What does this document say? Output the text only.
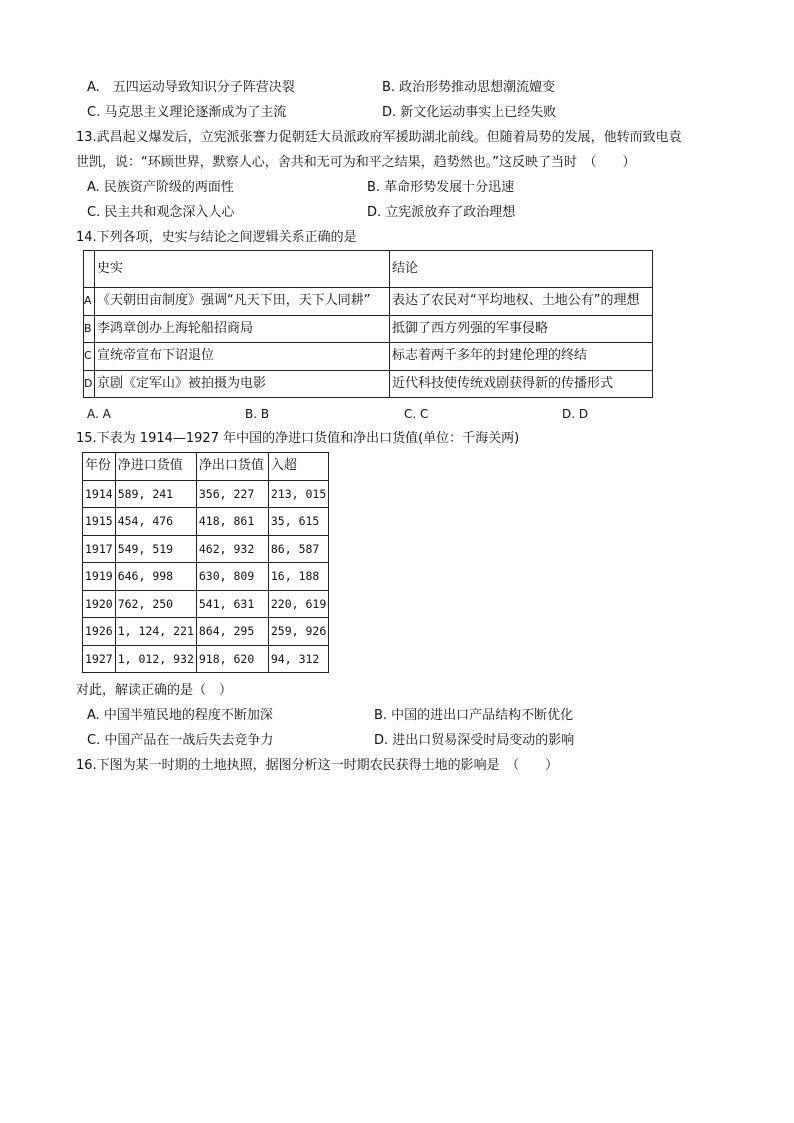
A.　五四运动导致知识分子阵营决裂	B. 政治形势推动思想潮流嬗变
C. 马克思主义理论逐渐成为了主流	D. 新文化运动事实上已经失败
13.武昌起义爆发后，立宪派张謇力促朝廷大员派政府军援助湖北前线。但随着局势的发展，他转而致电袁
世凯，说：“环顾世界，默察人心，舍共和无可为和平之结果，趋势然也。”这反映了当时　（　　）
A. 民族资产阶级的两面性	B. 革命形势发展十分迅速
C. 民主共和观念深入人心	D. 立宪派放弃了政治理想
14.下列各项，史实与结论之间逻辑关系正确的是
	史实	结论
A	《天朝田亩制度》强调“凡天下田，天下人同耕”	表达了农民对“平均地权、土地公有”的理想
B	李鸿章创办上海轮船招商局	抵御了西方列强的军事侵略
C	宣统帝宣布下诏退位	标志着两千多年的封建伦理的终结
D	京剧《定军山》被拍摄为电影	近代科技使传统戏剧获得新的传播形式
A. A	B. B	C. C	D. D
15.下表为 1914—1927 年中国的净进口货值和净出口货值(单位：千海关两)
年份	净进口货值	净出口货值	入超
1914	589, 241	356, 227	213, 015
1915	454, 476	418, 861	35, 615
1917	549, 519	462, 932	86, 587
1919	646, 998	630, 809	16, 188
1920	762, 250	541, 631	220, 619
1926	1, 124, 221	864, 295	259, 926
1927	1, 012, 932	918, 620	94, 312
对此，解读正确的是（　）
A. 中国半殖民地的程度不断加深	B. 中国的进出口产品结构不断优化
C. 中国产品在一战后失去竞争力	D. 进出口贸易深受时局变动的影响
16.下图为某一时期的土地执照，据图分析这一时期农民获得土地的影响是　（　　）
